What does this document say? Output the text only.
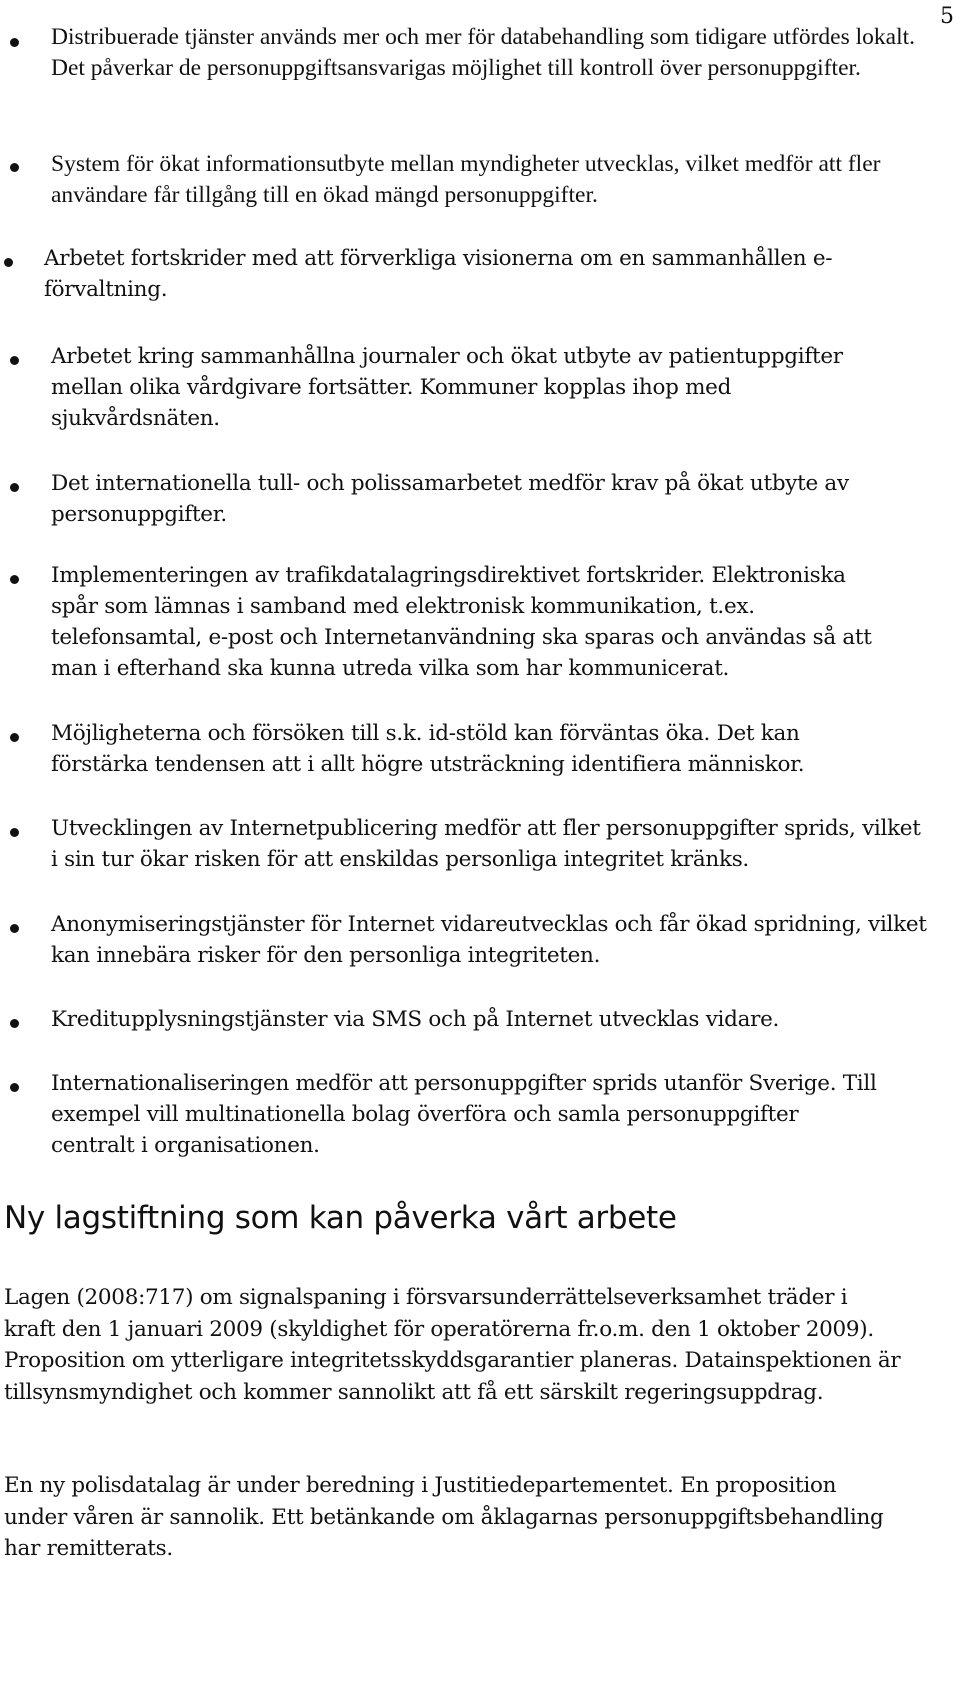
5
Distribuerade tjänster används mer och mer för databehandling som tidigare utfördes lokalt. Det påverkar de personuppgiftsansvarigas möjlighet till kontroll över personuppgifter.
System för ökat informationsutbyte mellan myndigheter utvecklas, vilket medför att fler användare får tillgång till en ökad mängd personuppgifter.
Arbetet fortskrider med att förverkliga visionerna om en sammanhållen e-förvaltning.
Arbetet kring sammanhållna journaler och ökat utbyte av patientuppgifter mellan olika vårdgivare fortsätter. Kommuner kopplas ihop med sjukvårdsnäten.
Det internationella tull- och polissamarbetet medför krav på ökat utbyte av personuppgifter.
Implementeringen av trafikdatalagringsdirektivet fortskrider. Elektroniska spår som lämnas i samband med elektronisk kommunikation, t.ex. telefonsamtal, e-post och Internetanvändning ska sparas och användas så att man i efterhand ska kunna utreda vilka som har kommunicerat.
Möjligheterna och försöken till s.k. id-stöld kan förväntas öka. Det kan förstärka tendensen att i allt högre utsträckning identifiera människor.
Utvecklingen av Internetpublicering medför att fler personuppgifter sprids, vilket i sin tur ökar risken för att enskildas personliga integritet kränks.
Anonymiseringstjänster för Internet vidareutvecklas och får ökad spridning, vilket kan innebära risker för den personliga integriteten.
Kreditupplysningstjänster via SMS och på Internet utvecklas vidare.
Internationaliseringen medför att personuppgifter sprids utanför Sverige. Till exempel vill multinationella bolag överföra och samla personuppgifter centralt i organisationen.
Ny lagstiftning som kan påverka vårt arbete

Lagen (2008:717) om signalspaning i försvarsunderrättelseverksamhet träder i kraft den 1 januari 2009 (skyldighet för operatörerna fr.o.m. den 1 oktober 2009). Proposition om ytterligare integritetsskyddsgarantier planeras. Datainspektionen är tillsynsmyndighet och kommer sannolikt att få ett särskilt regeringsuppdrag.

En ny polisdatalag är under beredning i Justitiedepartementet. En proposition under våren är sannolik. Ett betänkande om åklagarnas personuppgiftsbehandling har remitterats.
